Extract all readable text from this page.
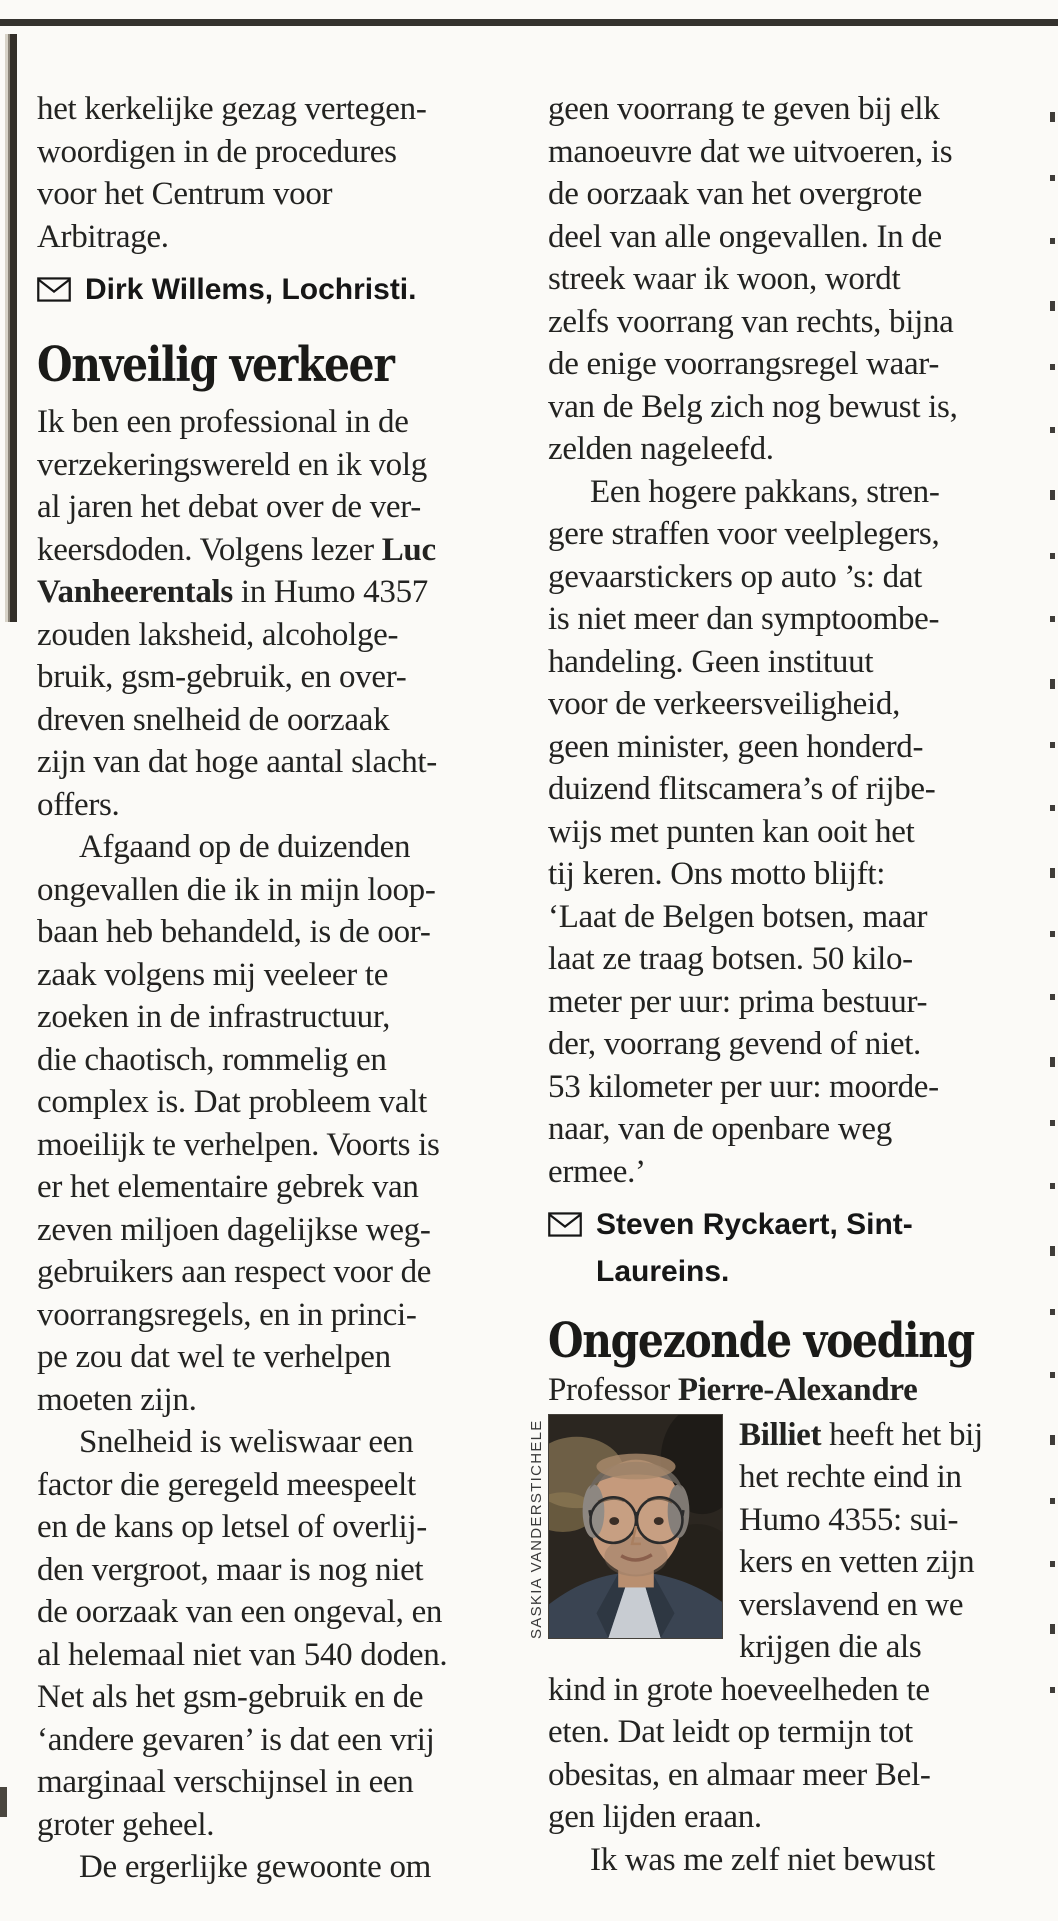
het kerkelijke gezag vertegen-
woordigen in de procedures
voor het Centrum voor
Arbitrage.
Dirk Willems, Lochristi.
Onveilig verkeer
Ik ben een professional in de
verzekeringswereld en ik volg
al jaren het debat over de ver-
keersdoden. Volgens lezer Luc
Vanheerentals in Humo 4357
zouden laksheid, alcoholge-
bruik, gsm-gebruik, en over-
dreven snelheid de oorzaak
zijn van dat hoge aantal slacht-
offers.
Afgaand op de duizenden
ongevallen die ik in mijn loop-
baan heb behandeld, is de oor-
zaak volgens mij veeleer te
zoeken in de infrastructuur,
die chaotisch, rommelig en
complex is. Dat probleem valt
moeilijk te verhelpen. Voorts is
er het elementaire gebrek van
zeven miljoen dagelijkse weg-
gebruikers aan respect voor de
voorrangsregels, en in princi-
pe zou dat wel te verhelpen
moeten zijn.
Snelheid is weliswaar een
factor die geregeld meespeelt
en de kans op letsel of overlij-
den vergroot, maar is nog niet
de oorzaak van een ongeval, en
al helemaal niet van 540 doden.
Net als het gsm-gebruik en de
‘andere gevaren’ is dat een vrij
marginaal verschijnsel in een
groter geheel.
De ergerlijke gewoonte om
geen voorrang te geven bij elk
manoeuvre dat we uitvoeren, is
de oorzaak van het overgrote
deel van alle ongevallen. In de
streek waar ik woon, wordt
zelfs voorrang van rechts, bijna
de enige voorrangsregel waar-
van de Belg zich nog bewust is,
zelden nageleefd.
Een hogere pakkans, stren-
gere straffen voor veelplegers,
gevaarstickers op auto ’s: dat
is niet meer dan symptoombe-
handeling. Geen instituut
voor de verkeersveiligheid,
geen minister, geen honderd-
duizend flitscamera’s of rijbe-
wijs met punten kan ooit het
tij keren. Ons motto blijft:
‘Laat de Belgen botsen, maar
laat ze traag botsen. 50 kilo-
meter per uur: prima bestuur-
der, voorrang gevend of niet.
53 kilometer per uur: moorde-
naar, van de openbare weg
ermee.’
Steven Ryckaert, Sint-
Laureins.
Ongezonde voeding
Professor Pierre-Alexandre
SASKIA VANDERSTICHELE	Billiet heeft het bij
het rechte eind in
Humo 4355: sui-
kers en vetten zijn
verslavend en we
krijgen die als
kind in grote hoeveelheden te
eten. Dat leidt op termijn tot
obesitas, en almaar meer Bel-
gen lijden eraan.
Ik was me zelf niet bewust
